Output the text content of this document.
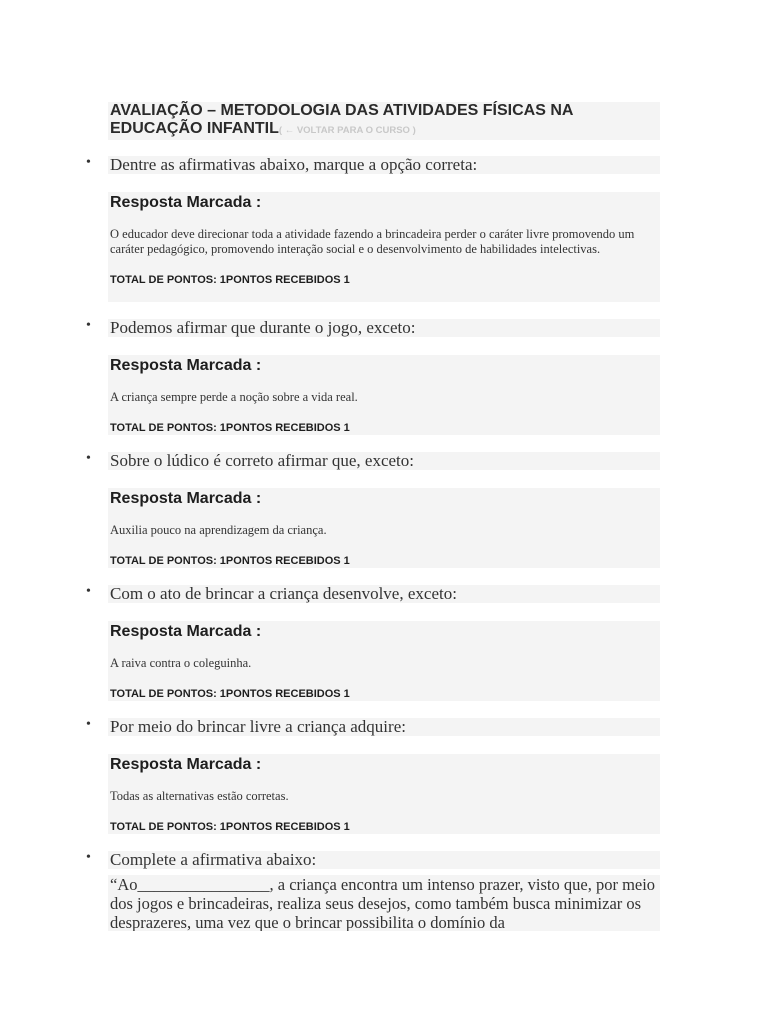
AVALIAÇÃO – METODOLOGIA DAS ATIVIDADES FÍSICAS NA EDUCAÇÃO INFANTIL( ← VOLTAR PARA O CURSO )

• Dentre as afirmativas abaixo, marque a opção correta:
Resposta Marcada :
O educador deve direcionar toda a atividade fazendo a brincadeira perder o caráter livre promovendo um caráter pedagógico, promovendo interação social e o desenvolvimento de habilidades intelectivas.
TOTAL DE PONTOS: 1PONTOS RECEBIDOS 1
• Podemos afirmar que durante o jogo, exceto:
Resposta Marcada :
A criança sempre perde a noção sobre a vida real.
TOTAL DE PONTOS: 1PONTOS RECEBIDOS 1
• Sobre o lúdico é correto afirmar que, exceto:
Resposta Marcada :
Auxilia pouco na aprendizagem da criança.
TOTAL DE PONTOS: 1PONTOS RECEBIDOS 1
• Com o ato de brincar a criança desenvolve, exceto:
Resposta Marcada :
A raiva contra o coleguinha.
TOTAL DE PONTOS: 1PONTOS RECEBIDOS 1
• Por meio do brincar livre a criança adquire:
Resposta Marcada :
Todas as alternativas estão corretas.
TOTAL DE PONTOS: 1PONTOS RECEBIDOS 1
• Complete a afirmativa abaixo:
“Ao________________, a criança encontra um intenso prazer, visto que, por meio dos jogos e brincadeiras, realiza seus desejos, como também busca minimizar os desprazeres, uma vez que o brincar possibilita o domínio da
